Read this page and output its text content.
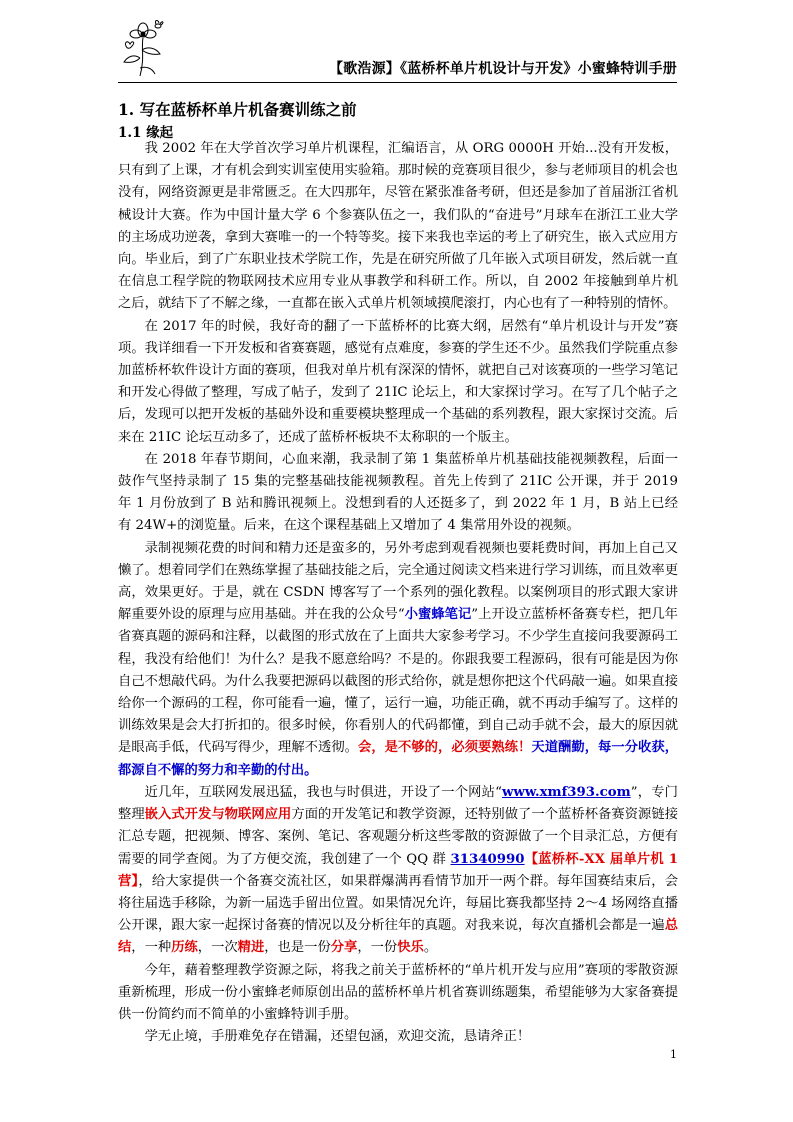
【歌浩源】《蓝桥杯单片机设计与开发》小蜜蜂特训手册
1. 写在蓝桥杯单片机备赛训练之前
1.1 缘起

我 2002 年在大学首次学习单片机课程，汇编语言，从 ORG 0000H 开始...没有开发板，只有到了上课，才有机会到实训室使用实验箱。那时候的竞赛项目很少，参与老师项目的机会也没有，网络资源更是非常匮乏。在大四那年，尽管在紧张准备考研，但还是参加了首届浙江省机械设计大赛。作为中国计量大学 6 个参赛队伍之一，我们队的“奋进号”月球车在浙江工业大学的主场成功逆袭，拿到大赛唯一的一个特等奖。接下来我也幸运的考上了研究生，嵌入式应用方向。毕业后，到了广东职业技术学院工作，先是在研究所做了几年嵌入式项目研发，然后就一直在信息工程学院的物联网技术应用专业从事教学和科研工作。所以，自 2002 年接触到单片机之后，就结下了不解之缘，一直都在嵌入式单片机领域摸爬滚打，内心也有了一种特别的情怀。

在 2017 年的时候，我好奇的翻了一下蓝桥杯的比赛大纲，居然有“单片机设计与开发”赛项。我详细看一下开发板和省赛赛题，感觉有点难度，参赛的学生还不少。虽然我们学院重点参加蓝桥杯软件设计方面的赛项，但我对单片机有深深的情怀，就把自己对该赛项的一些学习笔记和开发心得做了整理，写成了帖子，发到了 21IC 论坛上，和大家探讨学习。在写了几个帖子之后，发现可以把开发板的基础外设和重要模块整理成一个基础的系列教程，跟大家探讨交流。后来在 21IC 论坛互动多了，还成了蓝桥杯板块不太称职的一个版主。

在 2018 年春节期间，心血来潮，我录制了第 1 集蓝桥单片机基础技能视频教程，后面一鼓作气坚持录制了 15 集的完整基础技能视频教程。首先上传到了 21IC 公开课，并于 2019 年 1 月份放到了 B 站和腾讯视频上。没想到看的人还挺多了，到 2022 年 1 月，B 站上已经有 24W+的浏览量。后来，在这个课程基础上又增加了 4 集常用外设的视频。

录制视频花费的时间和精力还是蛮多的，另外考虑到观看视频也要耗费时间，再加上自己又懒了。想着同学们在熟练掌握了基础技能之后，完全通过阅读文档来进行学习训练，而且效率更高，效果更好。于是，就在 CSDN 博客写了一个系列的强化教程。以案例项目的形式跟大家讲解重要外设的原理与应用基础。并在我的公众号“小蜜蜂笔记”上开设立蓝桥杯备赛专栏，把几年省赛真题的源码和注释，以截图的形式放在了上面共大家参考学习。不少学生直接问我要源码工程，我没有给他们！为什么？是我不愿意给吗？不是的。你跟我要工程源码，很有可能是因为你自己不想敲代码。为什么我要把源码以截图的形式给你，就是想你把这个代码敲一遍。如果直接给你一个源码的工程，你可能看一遍，懂了，运行一遍，功能正确，就不再动手编写了。这样的训练效果是会大打折扣的。很多时候，你看别人的代码都懂，到自己动手就不会，最大的原因就是眼高手低，代码写得少，理解不透彻。会，是不够的，必须要熟练！天道酬勤，每一分收获，都源自不懈的努力和辛勤的付出。

近几年，互联网发展迅猛，我也与时俱进，开设了一个网站“www.xmf393.com”，专门整理嵌入式开发与物联网应用方面的开发笔记和教学资源，还特别做了一个蓝桥杯备赛资源链接汇总专题，把视频、博客、案例、笔记、客观题分析这些零散的资源做了一个目录汇总，方便有需要的同学查阅。为了方便交流，我创建了一个 QQ 群 31340990【蓝桥杯-XX 届单片机 1 营】，给大家提供一个备赛交流社区，如果群爆满再看情节加开一两个群。每年国赛结束后，会将往届选手移除，为新一届选手留出位置。如果情况允许，每届比赛我都坚持 2～4 场网络直播公开课，跟大家一起探讨备赛的情况以及分析往年的真题。对我来说，每次直播机会都是一遍总结，一种历练，一次精进，也是一份分享，一份快乐。

今年，藉着整理教学资源之际，将我之前关于蓝桥杯的“单片机开发与应用”赛项的零散资源重新梳理，形成一份小蜜蜂老师原创出品的蓝桥杯单片机省赛训练题集，希望能够为大家备赛提供一份简约而不简单的小蜜蜂特训手册。

学无止境，手册难免存在错漏，还望包涵，欢迎交流，恳请斧正！

1
